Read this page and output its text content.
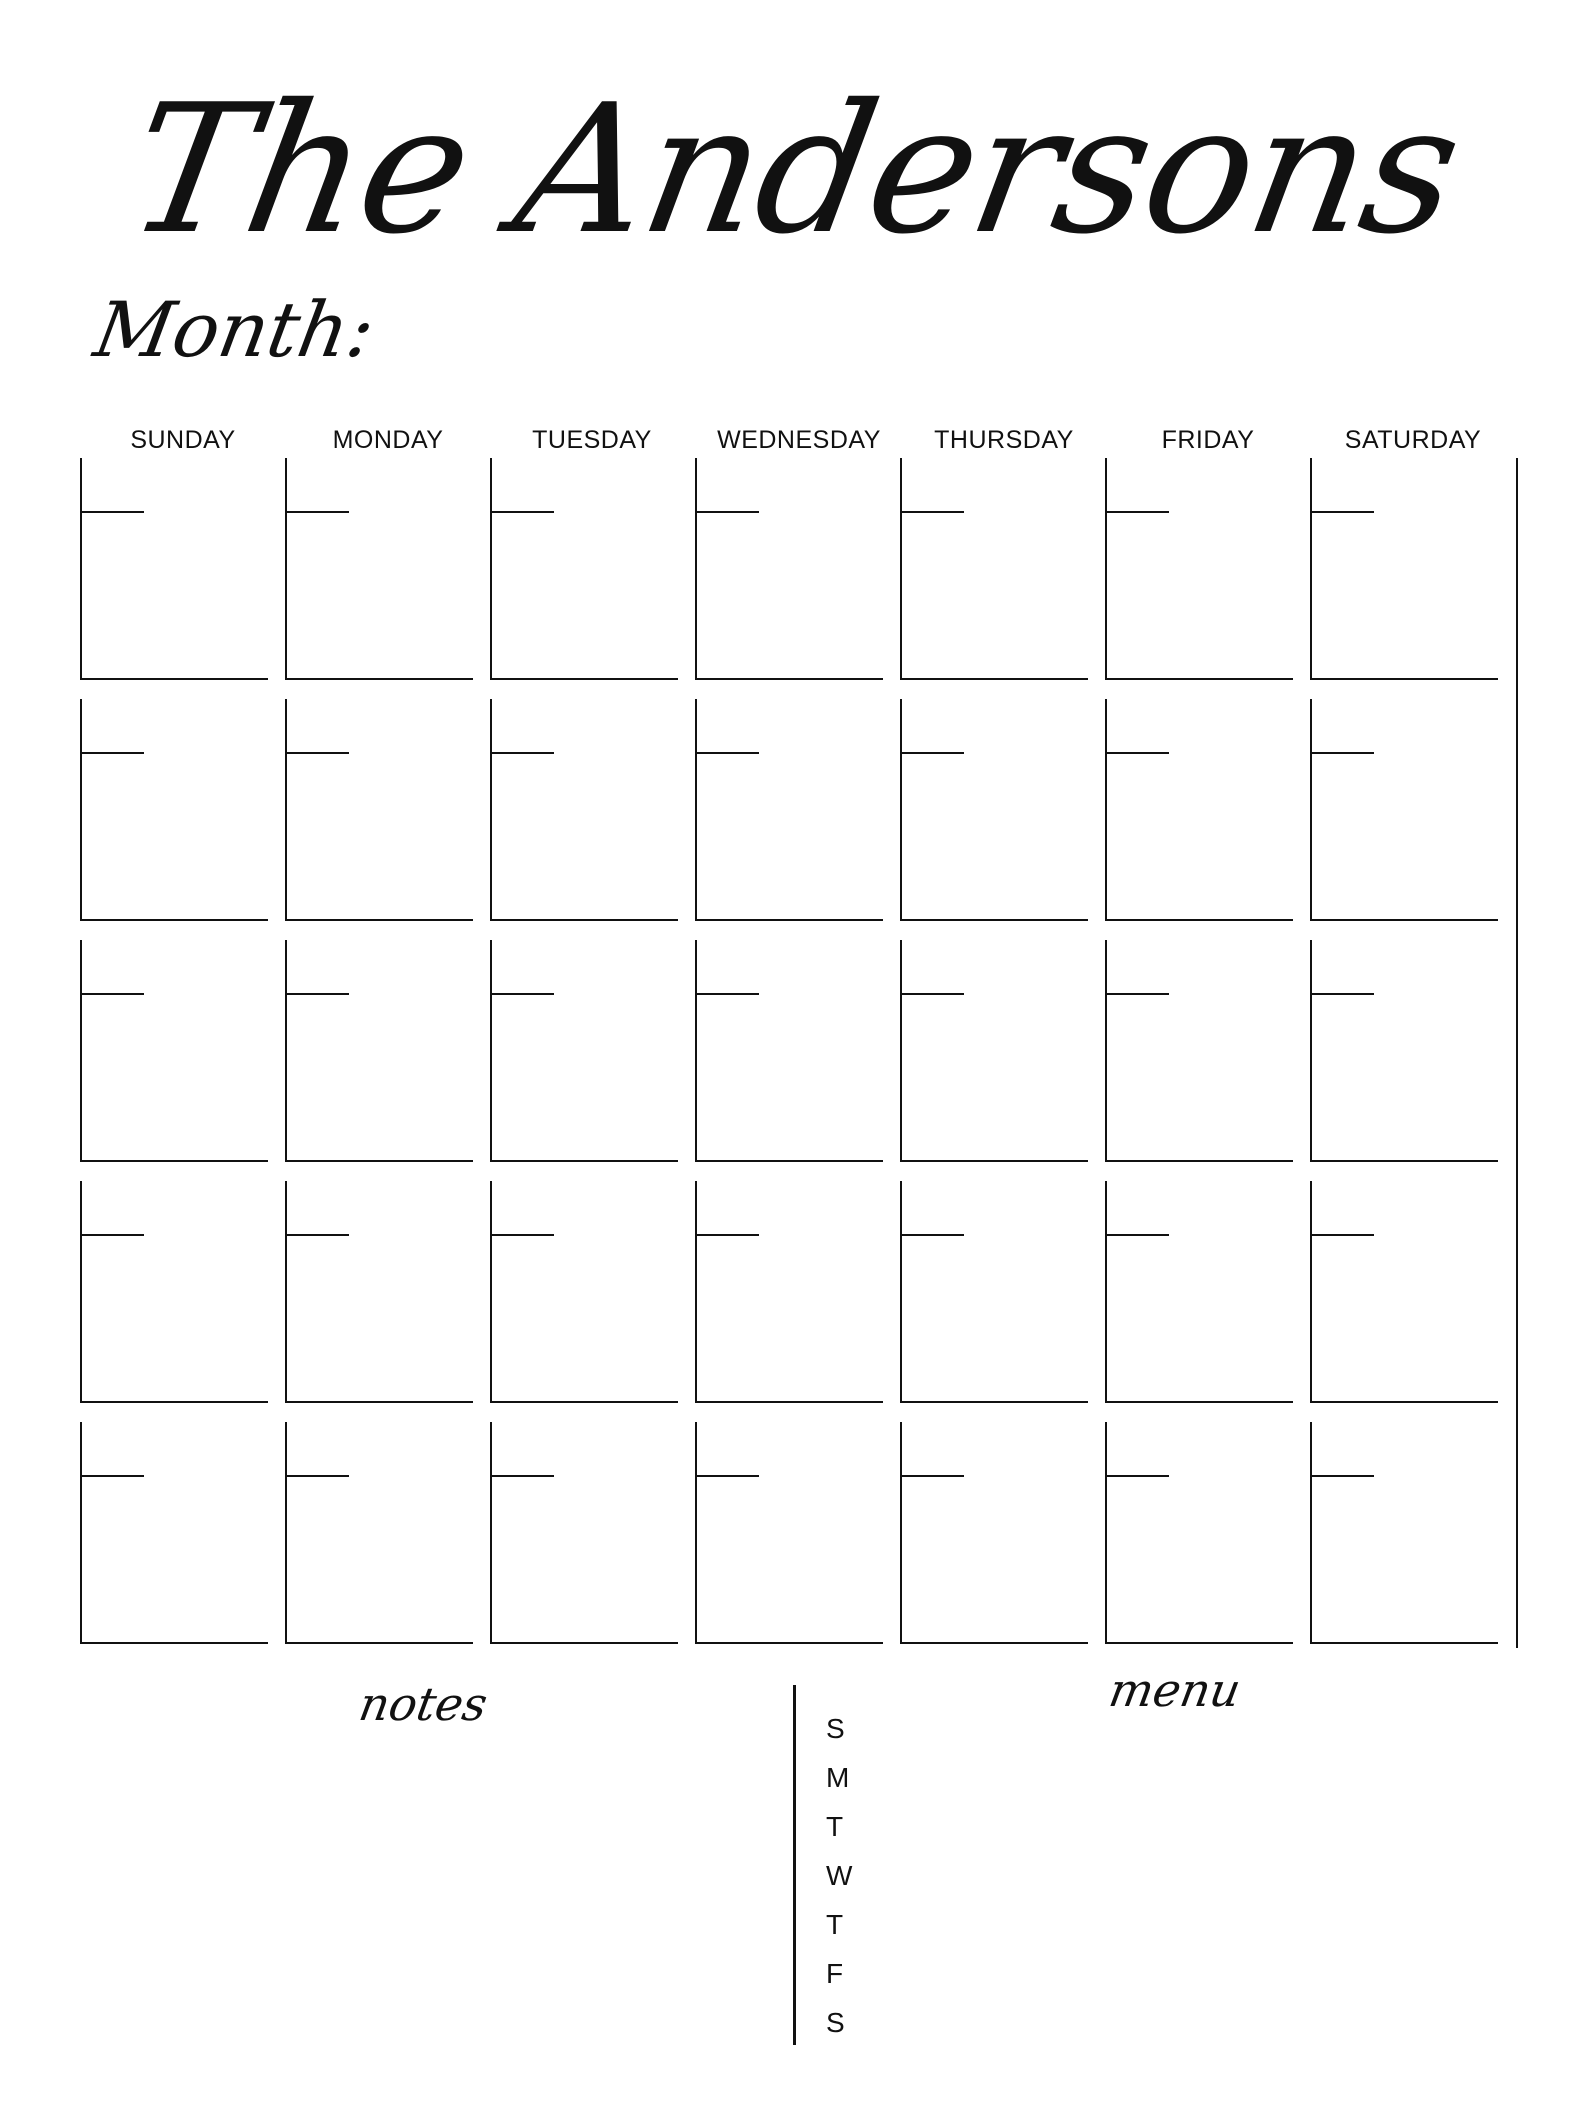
The Andersons
Month:
SUNDAY	MONDAY	TUESDAY	WEDNESDAY	THURSDAY	FRIDAY	SATURDAY
notes	menu
S
M
T
W
T
F
S
